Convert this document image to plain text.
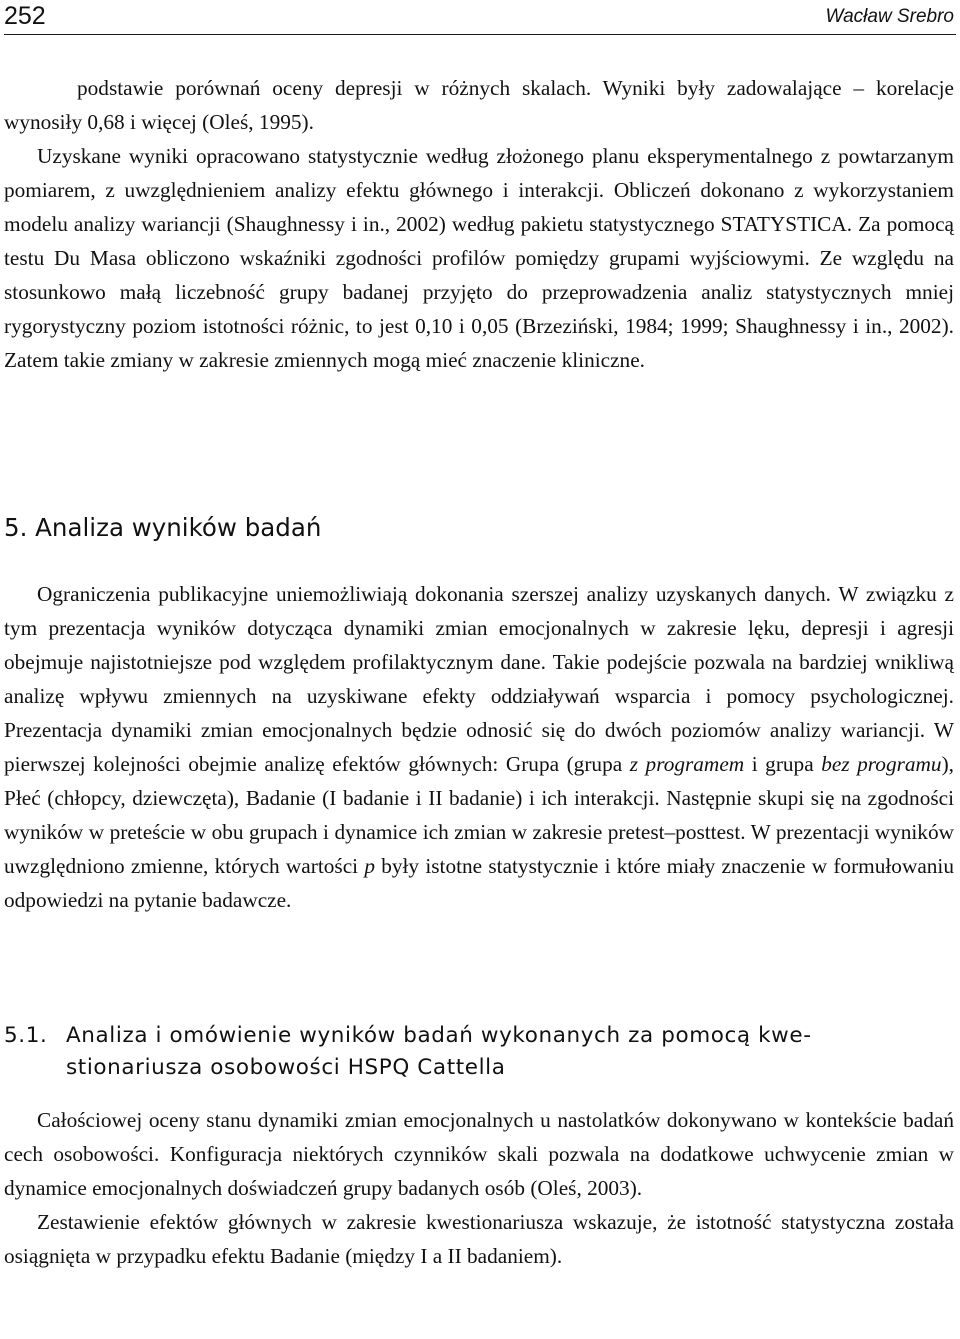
252	Wacław Srebro

podstawie porównań oceny depresji w różnych skalach. Wyniki były zadowalające – korelacje wynosiły 0,68 i więcej (Oleś, 1995).

Uzyskane wyniki opracowano statystycznie według złożonego planu eksperymentalnego z powtarzanym pomiarem, z uwzględnieniem analizy efektu głównego i interakcji. Obliczeń dokonano z wykorzystaniem modelu analizy wariancji (Shaughnessy i in., 2002) według pakietu statystycznego STATYSTICA. Za pomocą testu Du Masa obliczono wskaźniki zgodności profilów pomiędzy grupami wyjściowymi. Ze względu na stosunkowo małą liczebność grupy badanej przyjęto do przeprowadzenia analiz statystycznych mniej rygorystyczny poziom istotności różnic, to jest 0,10 i 0,05 (Brzeziński, 1984; 1999; Shaughnessy i in., 2002). Zatem takie zmiany w zakresie zmiennych mogą mieć znaczenie kliniczne.

5. Analiza wyników badań

Ograniczenia publikacyjne uniemożliwiają dokonania szerszej analizy uzyskanych danych. W związku z tym prezentacja wyników dotycząca dynamiki zmian emocjonalnych w zakresie lęku, depresji i agresji obejmuje najistotniejsze pod względem profilaktycznym dane. Takie podejście pozwala na bardziej wnikliwą analizę wpływu zmiennych na uzyskiwane efekty oddziaływań wsparcia i pomocy psychologicznej. Prezentacja dynamiki zmian emocjonalnych będzie odnosić się do dwóch poziomów analizy wariancji. W pierwszej kolejności obejmie analizę efektów głównych: Grupa (grupa z programem i grupa bez programu), Płeć (chłopcy, dziewczęta), Badanie (I badanie i II badanie) i ich interakcji. Następnie skupi się na zgodności wyników w preteście w obu grupach i dynamice ich zmian w zakresie pretest–posttest. W prezentacji wyników uwzględniono zmienne, których wartości p były istotne statystycznie i które miały znaczenie w formułowaniu odpowiedzi na pytanie badawcze.

5.1. Analiza i omówienie wyników badań wykonanych za pomocą kwe-
stionariusza osobowości HSPQ Cattella

Całościowej oceny stanu dynamiki zmian emocjonalnych u nastolatków dokonywano w kontekście badań cech osobowości. Konfiguracja niektórych czynników skali pozwala na dodatkowe uchwycenie zmian w dynamice emocjonalnych doświadczeń grupy badanych osób (Oleś, 2003).

Zestawienie efektów głównych w zakresie kwestionariusza wskazuje, że istotność statystyczna została osiągnięta w przypadku efektu Badanie (między I a II badaniem).
